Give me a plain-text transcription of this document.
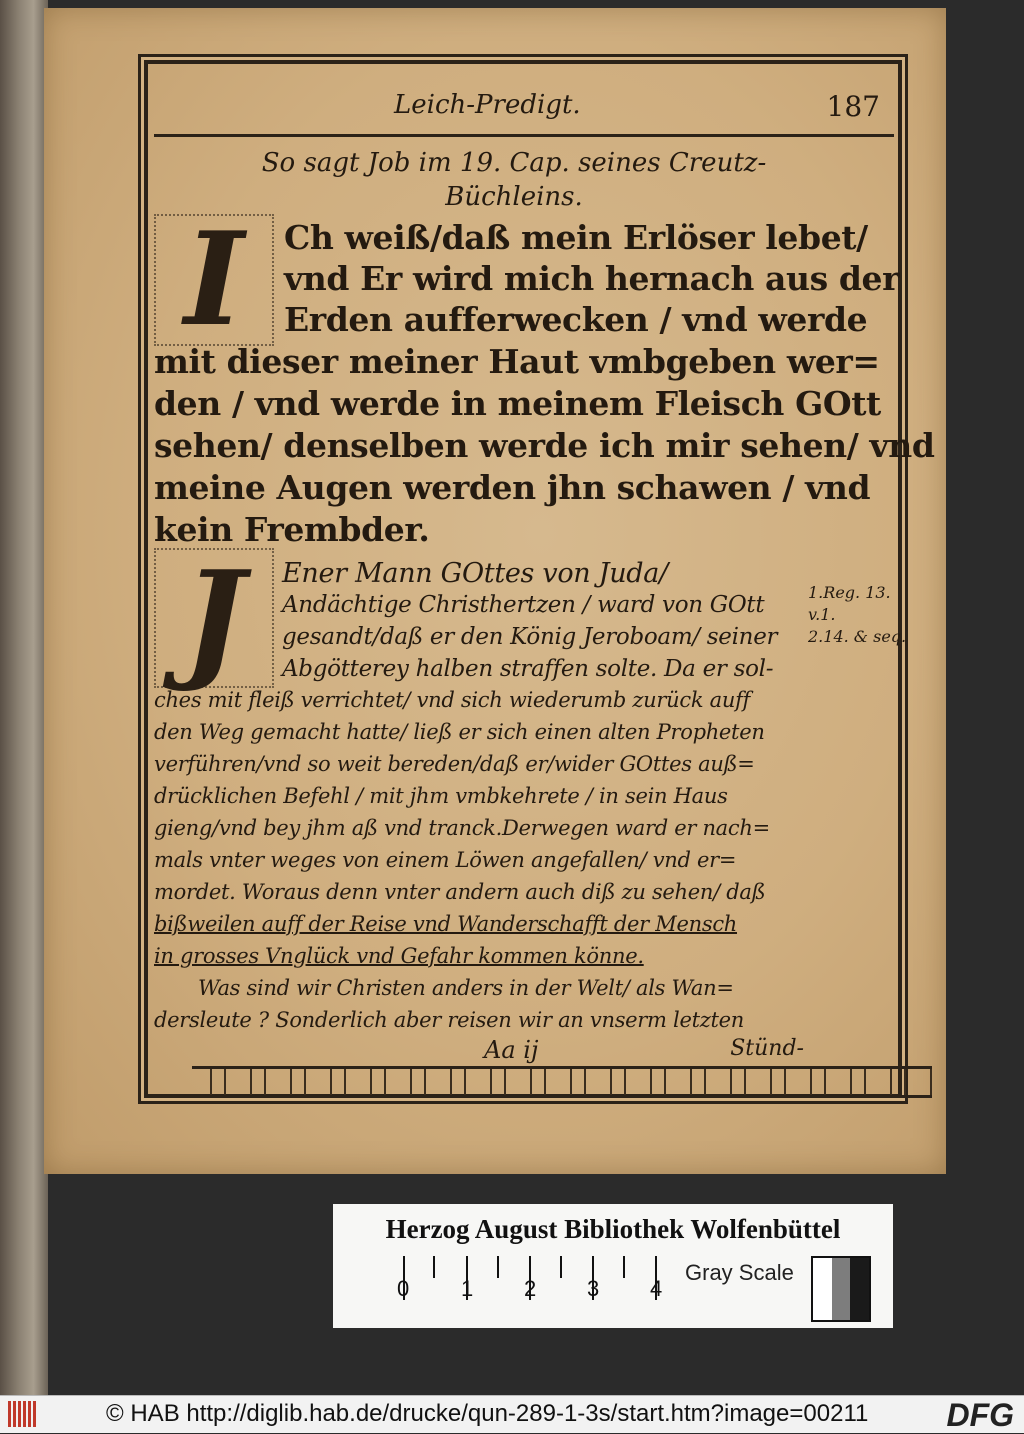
Leich-Predigt.	187
So sagt Job im 19. Cap. seines Creutz-
Büchleins.
I	Ch weiß/daß mein Erlöser lebet/
vnd Er wird mich hernach aus der
Erden aufferwecken / vnd werde
mit dieser meiner Haut vmbgeben wer=
den / vnd werde in meinem Fleisch GOtt
sehen/ denselben werde ich mir sehen/ vnd
meine Augen werden jhn schawen / vnd
kein Frembder.
J	Ener Mann GOttes von Juda/
Andächtige Christhertzen / ward von GOtt
gesandt/daß er den König Jeroboam/ seiner
Abgötterey halben straffen solte. Da er sol-
ches mit fleiß verrichtet/ vnd sich wiederumb zurück auff
den Weg gemacht hatte/ ließ er sich einen alten Propheten
verführen/vnd so weit bereden/daß er/wider GOttes auß=
drücklichen Befehl / mit jhm vmbkehrete / in sein Haus
gieng/vnd bey jhm aß vnd tranck.Derwegen ward er nach=
mals vnter weges von einem Löwen angefallen/ vnd er=
mordet. Woraus denn vnter andern auch diß zu sehen/ daß
bißweilen auff der Reise vnd Wanderschafft der Mensch
in grosses Vnglück vnd Gefahr kommen könne.
Was sind wir Christen anders in der Welt/ als Wan=
dersleute ? Sonderlich aber reisen wir an vnserm letzten
1.Reg. 13. v.1.
2.14. & seq.
Aa ij	Stünd-
Herzog August Bibliothek Wolfenbüttel
0 1 2 3 4
Gray Scale
© HAB http://diglib.hab.de/drucke/qun-289-1-3s/start.htm?image=00211 DFG
